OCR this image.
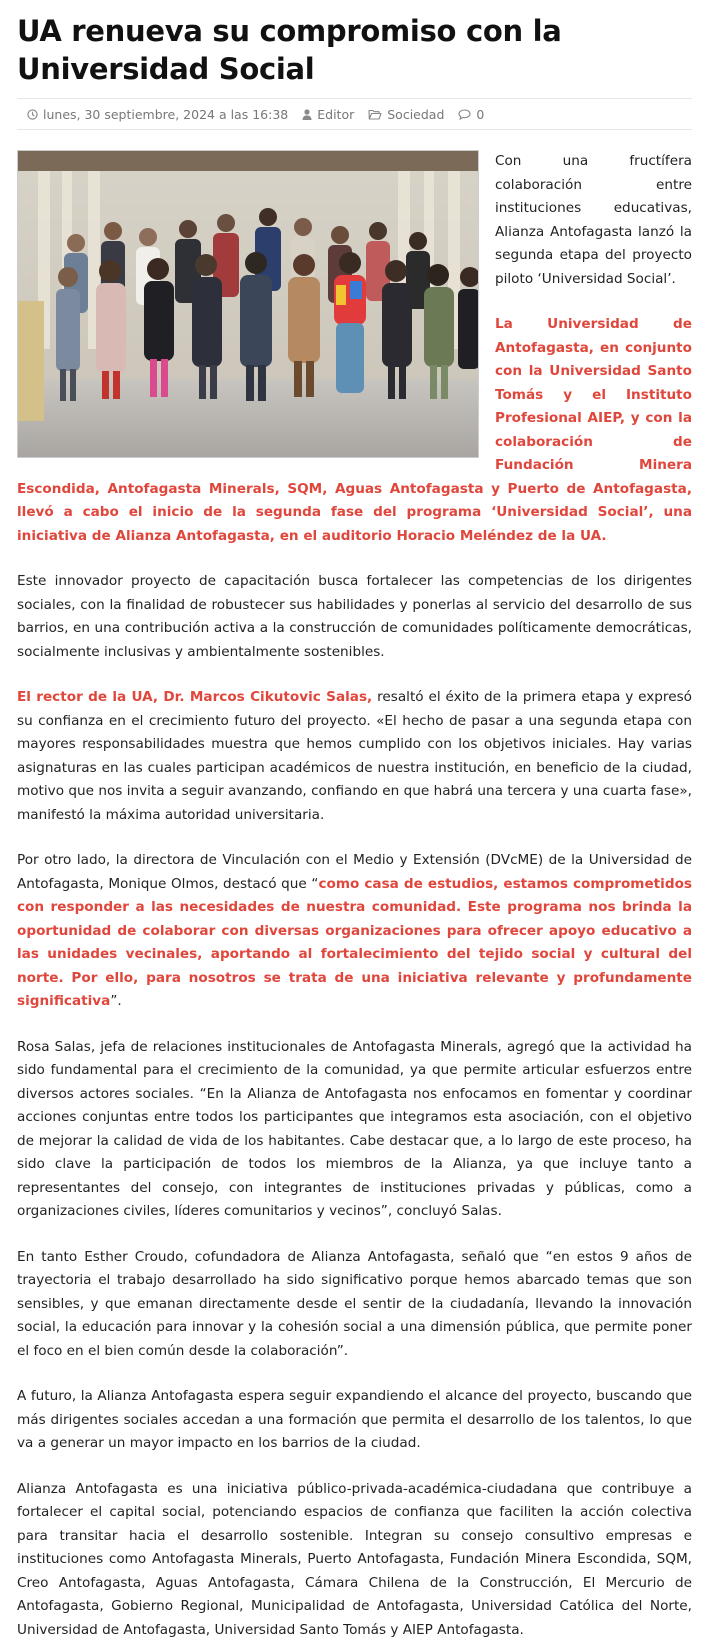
UA renueva su compromiso con la Universidad Social
lunes, 30 septiembre, 2024 a las 16:38 Editor	Sociedad	0

Con una fructífera colaboración entre instituciones educativas, Alianza Antofagasta lanzó la segunda etapa del proyecto piloto ‘Universidad Social’.

La Universidad de Antofagasta, en conjunto con la Universidad Santo Tomás y el Instituto Profesional AIEP, y con la colaboración de Fundación Minera Escondida, Antofagasta Minerals, SQM, Aguas Antofagasta y Puerto de Antofagasta, llevó a cabo el inicio de la segunda fase del programa ‘Universidad Social’, una iniciativa de Alianza Antofagasta, en el auditorio Horacio Meléndez de la UA.

Este innovador proyecto de capacitación busca fortalecer las competencias de los dirigentes sociales, con la finalidad de robustecer sus habilidades y ponerlas al servicio del desarrollo de sus barrios, en una contribución activa a la construcción de comunidades políticamente democráticas, socialmente inclusivas y ambientalmente sostenibles.

El rector de la UA, Dr. Marcos Cikutovic Salas, resaltó el éxito de la primera etapa y expresó su confianza en el crecimiento futuro del proyecto. «El hecho de pasar a una segunda etapa con mayores responsabilidades muestra que hemos cumplido con los objetivos iniciales. Hay varias asignaturas en las cuales participan académicos de nuestra institución, en beneficio de la ciudad, motivo que nos invita a seguir avanzando, confiando en que habrá una tercera y una cuarta fase», manifestó la máxima autoridad universitaria.

Por otro lado, la directora de Vinculación con el Medio y Extensión (DVcME) de la Universidad de Antofagasta, Monique Olmos, destacó que “como casa de estudios, estamos comprometidos con responder a las necesidades de nuestra comunidad. Este programa nos brinda la oportunidad de colaborar con diversas organizaciones para ofrecer apoyo educativo a las unidades vecinales, aportando al fortalecimiento del tejido social y cultural del norte. Por ello, para nosotros se trata de una iniciativa relevante y profundamente significativa”.

Rosa Salas, jefa de relaciones institucionales de Antofagasta Minerals, agregó que la actividad ha sido fundamental para el crecimiento de la comunidad, ya que permite articular esfuerzos entre diversos actores sociales. “En la Alianza de Antofagasta nos enfocamos en fomentar y coordinar acciones conjuntas entre todos los participantes que integramos esta asociación, con el objetivo de mejorar la calidad de vida de los habitantes. Cabe destacar que, a lo largo de este proceso, ha sido clave la participación de todos los miembros de la Alianza, ya que incluye tanto a representantes del consejo, con integrantes de instituciones privadas y públicas, como a organizaciones civiles, líderes comunitarios y vecinos”, concluyó Salas.

En tanto Esther Croudo, cofundadora de Alianza Antofagasta, señaló que “en estos 9 años de trayectoria el trabajo desarrollado ha sido significativo porque hemos abarcado temas que son sensibles, y que emanan directamente desde el sentir de la ciudadanía, llevando la innovación social, la educación para innovar y la cohesión social a una dimensión pública, que permite poner el foco en el bien común desde la colaboración”.

A futuro, la Alianza Antofagasta espera seguir expandiendo el alcance del proyecto, buscando que más dirigentes sociales accedan a una formación que permita el desarrollo de los talentos, lo que va a generar un mayor impacto en los barrios de la ciudad.

Alianza Antofagasta es una iniciativa público-privada-académica-ciudadana que contribuye a fortalecer el capital social, potenciando espacios de confianza que faciliten la acción colectiva para transitar hacia el desarrollo sostenible. Integran su consejo consultivo empresas e instituciones como Antofagasta Minerals, Puerto Antofagasta, Fundación Minera Escondida, SQM, Creo Antofagasta, Aguas Antofagasta, Cámara Chilena de la Construcción, El Mercurio de Antofagasta, Gobierno Regional, Municipalidad de Antofagasta, Universidad Católica del Norte, Universidad de Antofagasta, Universidad Santo Tomás y AIEP Antofagasta.
